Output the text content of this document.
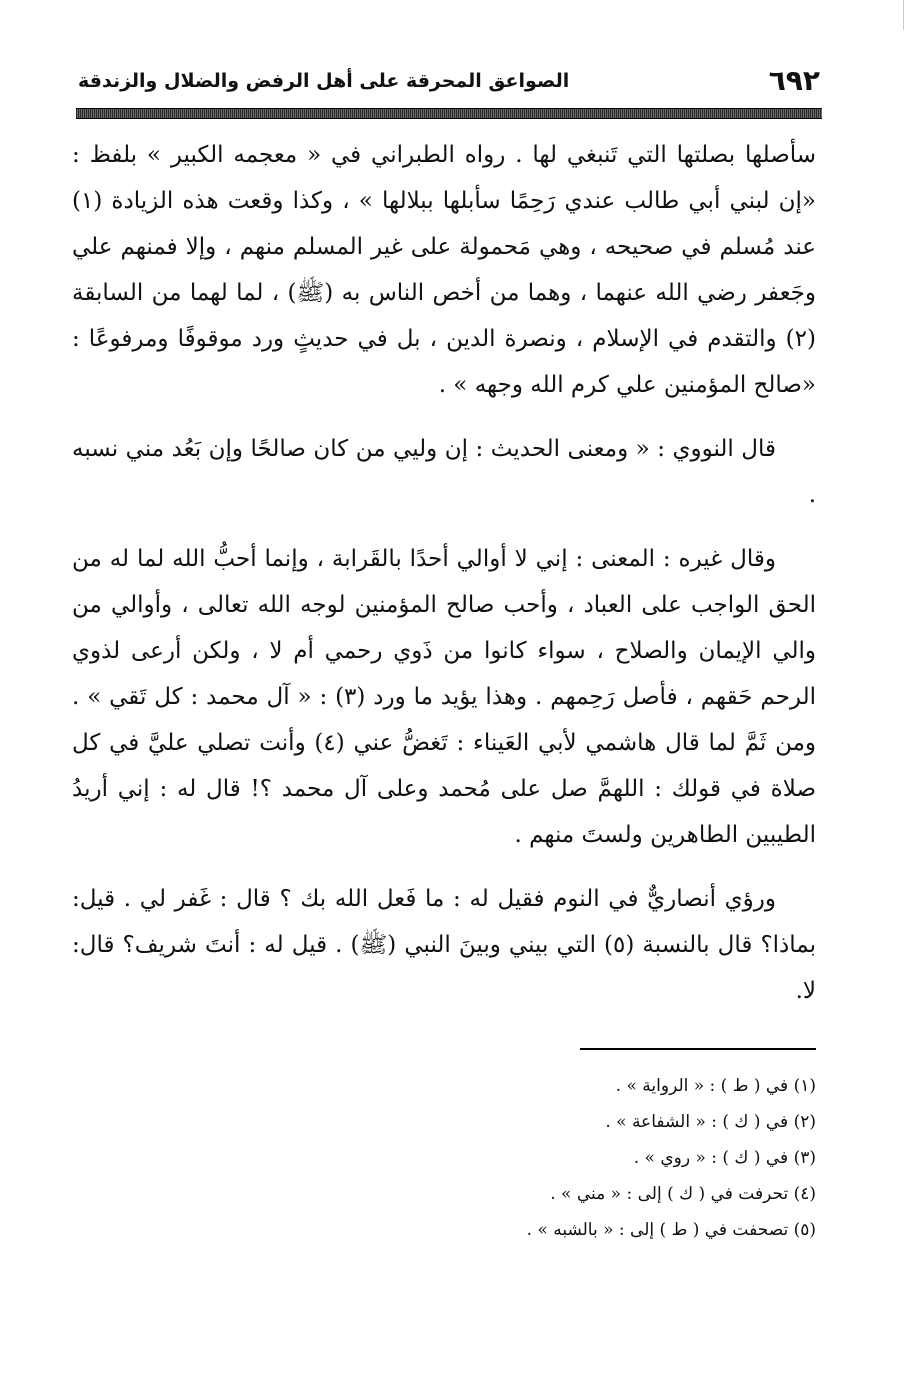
٦٩٢
الصواعق المحرقة على أهل الرفض والضلال والزندقة

سأصلها بصلتها التي تَنبغي لها . رواه الطبراني في « معجمه الكبير » بلفظ : «إن لبني أبي طالب عندي رَحِمًا سأبلها ببلالها » ، وكذا وقعت هذه الزيادة (١) عند مُسلم في صحيحه ، وهي مَحمولة على غير المسلم منهم ، وإلا فمنهم علي وجَعفر رضي الله عنهما ، وهما من أخص الناس به (ﷺ) ، لما لهما من السابقة (٢) والتقدم في الإسلام ، ونصرة الدين ، بل في حديثٍ ورد موقوفًا ومرفوعًا : «صالح المؤمنين علي كرم الله وجهه » .

قال النووي : « ومعنى الحديث : إن وليي من كان صالحًا وإن بَعُد مني نسبه .

وقال غيره : المعنى : إني لا أوالي أحدًا بالقَرابة ، وإنما أحبُّ الله لما له من الحق الواجب على العباد ، وأحب صالح المؤمنين لوجه الله تعالى ، وأوالي من والي الإيمان والصلاح ، سواء كانوا من ذَوي رحمي أم لا ، ولكن أرعى لذوي الرحم حَقهم ، فأصل رَحِمهم . وهذا يؤيد ما ورد (٣) : « آل محمد : كل تَقي » . ومن ثَمَّ لما قال هاشمي لأبي العَيناء : تَغضُّ عني (٤) وأنت تصلي عليَّ في كل صلاة في قولك : اللهمَّ صل على مُحمد وعلى آل محمد ؟! قال له : إني أريدُ الطيبين الطاهرين ولستَ منهم .

ورؤي أنصاريٌّ في النوم فقيل له : ما فَعل الله بك ؟ قال : غَفر لي . قيل: بماذا؟ قال بالنسبة (٥) التي بيني وبينَ النبي (ﷺ) . قيل له : أنتَ شريف؟ قال: لا.

(١) في ( ط ) : « الرواية » .
(٢) في ( ك ) : « الشفاعة » .
(٣) في ( ك ) : « روي » .
(٤) تحرفت في ( ك ) إلى : « مني » .
(٥) تصحفت في ( ط ) إلى : « بالشبه » .
